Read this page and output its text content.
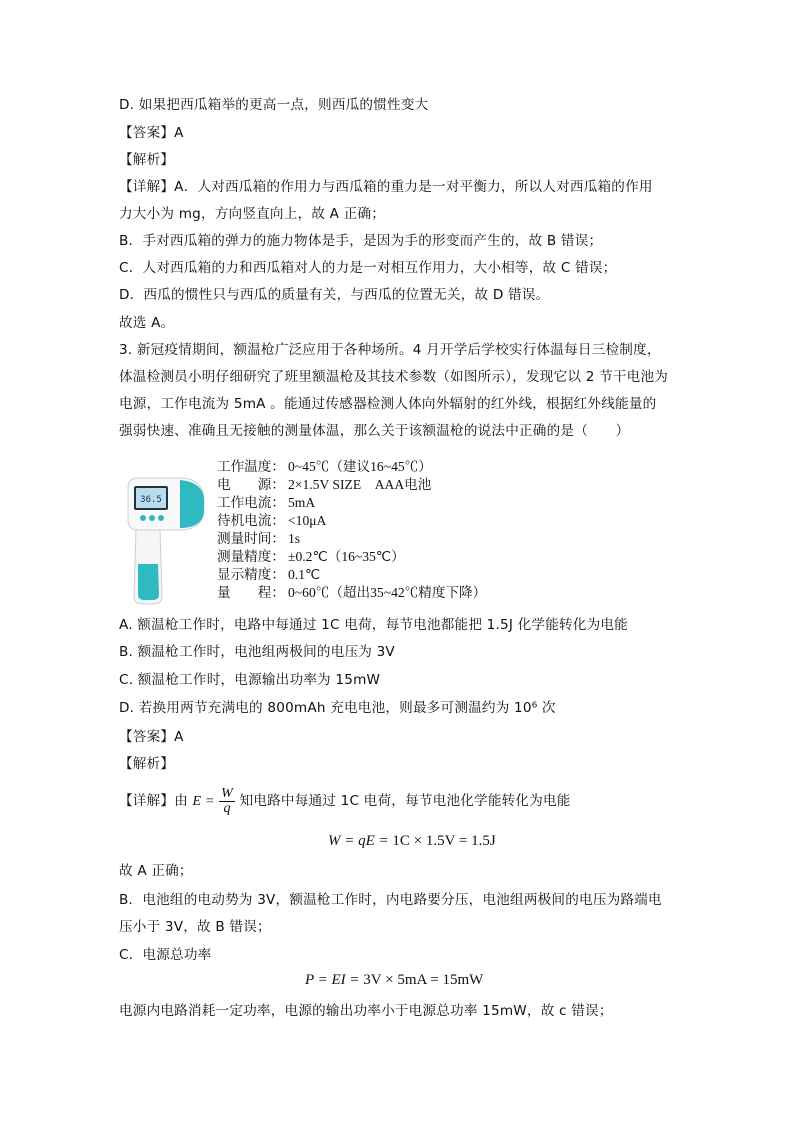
D. 如果把西瓜箱举的更高一点，则西瓜的惯性变大
【答案】A
【解析】
【详解】A．人对西瓜箱的作用力与西瓜箱的重力是一对平衡力，所以人对西瓜箱的作用
力大小为 mg，方向竖直向上，故 A 正确；
B．手对西瓜箱的弹力的施力物体是手，是因为手的形变而产生的，故 B 错误；
C．人对西瓜箱的力和西瓜箱对人的力是一对相互作用力，大小相等，故 C 错误；
D．西瓜的惯性只与西瓜的质量有关，与西瓜的位置无关，故 D 错误。
故选 A。
3. 新冠疫情期间，额温枪广泛应用于各种场所。4 月开学后学校实行体温每日三检制度，
体温检测员小明仔细研究了班里额温枪及其技术参数（如图所示），发现它以 2 节干电池为
电源，工作电流为 5mA 。能通过传感器检测人体向外辐射的红外线，根据红外线能量的
强弱快速、准确且无接触的测量体温，那么关于该额温枪的说法中正确的是（　　）
36.5
工作温度： 0~45℃（建议16~45℃）
电　　源： 2×1.5V SIZE　AAA电池
工作电流： 5mA
待机电流： <10μA
测量时间： 1s
测量精度： ±0.2℃（16~35℃）
显示精度： 0.1℃
量　　程： 0~60℃（超出35~42℃精度下降）
A. 额温枪工作时，电路中每通过 1C 电荷，每节电池都能把 1.5J 化学能转化为电能
B. 额温枪工作时，电池组两极间的电压为 3V
C. 额温枪工作时，电源输出功率为 15mW
D. 若换用两节充满电的 800mAh 充电电池，则最多可测温约为 10⁶ 次
【答案】A
【解析】
【详解】由 $E = \frac{W}{q}$ 知电路中每通过 1C 电荷，每节电池化学能转化为电能
W = qE = 1C × 1.5V = 1.5J
故 A 正确；
B．电池组的电动势为 3V，额温枪工作时，内电路要分压，电池组两极间的电压为路端电
压小于 3V，故 B 错误；
C．电源总功率
P = EI = 3V × 5mA = 15mW
电源内电路消耗一定功率，电源的输出功率小于电源总功率 15mW，故 c 错误；
